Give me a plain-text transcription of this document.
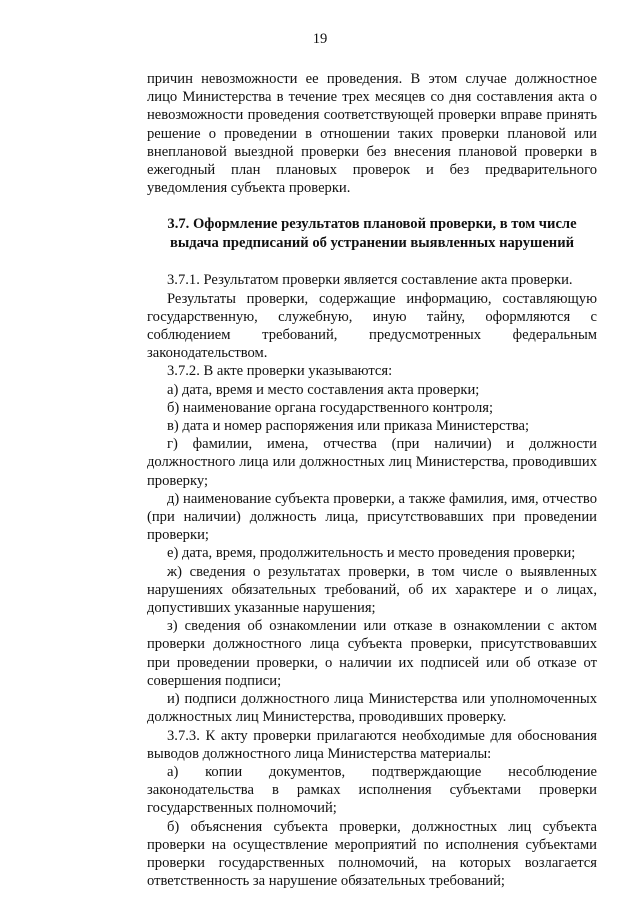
19

причин невозможности ее проведения. В этом случае должностное лицо Министерства в течение трех месяцев со дня составления акта о невозможности проведения соответствующей проверки вправе принять решение о проведении в отношении таких проверки плановой или внеплановой выездной проверки без внесения плановой проверки в ежегодный план плановых проверок и без предварительного уведомления субъекта проверки.

3.7. Оформление результатов плановой проверки, в том числе
выдача предписаний об устранении выявленных нарушений

3.7.1. Результатом проверки является составление акта проверки.

Результаты проверки, содержащие информацию, составляющую государственную, служебную, иную тайну, оформляются с соблюдением требований, предусмотренных федеральным законодательством.

3.7.2. В акте проверки указываются:

а) дата, время и место составления акта проверки;

б) наименование органа государственного контроля;

в) дата и номер распоряжения или приказа Министерства;

г) фамилии, имена, отчества (при наличии) и должности должностного лица или должностных лиц Министерства, проводивших проверку;

д) наименование субъекта проверки, а также фамилия, имя, отчество (при наличии) должность лица, присутствовавших при проведении проверки;

е) дата, время, продолжительность и место проведения проверки;

ж) сведения о результатах проверки, в том числе о выявленных нарушениях обязательных требований, об их характере и о лицах, допустивших указанные нарушения;

з) сведения об ознакомлении или отказе в ознакомлении с актом проверки должностного лица субъекта проверки, присутствовавших при проведении проверки, о наличии их подписей или об отказе от совершения подписи;

и) подписи должностного лица Министерства или уполномоченных должностных лиц Министерства, проводивших проверку.

3.7.3. К акту проверки прилагаются необходимые для обоснования выводов должностного лица Министерства материалы:

а) копии документов, подтверждающие несоблюдение законодательства в рамках исполнения субъектами проверки государственных полномочий;

б) объяснения субъекта проверки, должностных лиц субъекта проверки на осуществление мероприятий по исполнения субъектами проверки государственных полномочий, на которых возлагается ответственность за нарушение обязательных требований;
